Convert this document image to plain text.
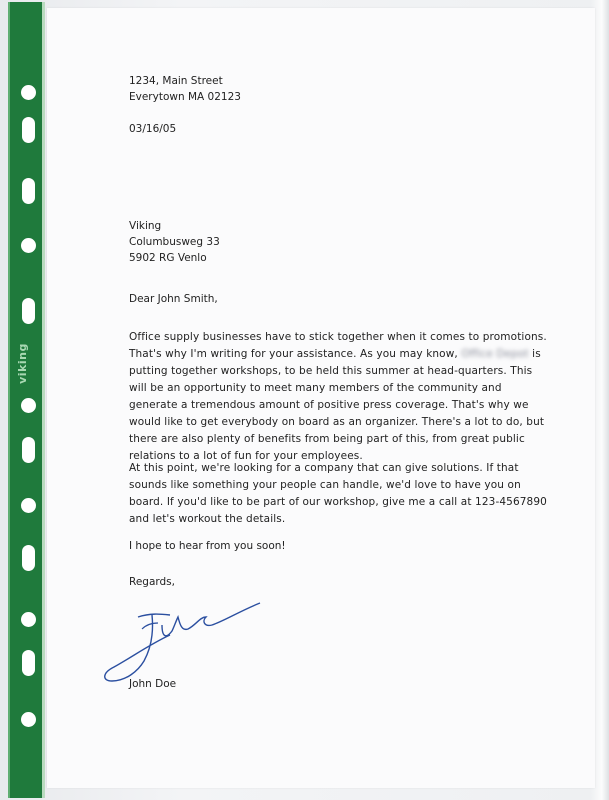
viking
1234, Main Street
Everytown MA 02123
03/16/05
Viking
Columbusweg 33
5902 RG Venlo
Dear John Smith,
Office supply businesses have to stick together when it comes to promotions. That's why I'm writing for your assistance. As you may know, Office Depot is putting together workshops, to be held this summer at head-quarters. This will be an opportunity to meet many members of the community and generate a tremendous amount of positive press coverage. That's why we would like to get everybody on board as an organizer. There's a lot to do, but there are also plenty of benefits from being part of this, from great public relations to a lot of fun for your employees.
At this point, we're looking for a company that can give solutions. If that sounds like something your people can handle, we'd love to have you on board. If you'd like to be part of our workshop, give me a call at 123-4567890 and let's workout the details.
I hope to hear from you soon!
Regards,
John Doe
